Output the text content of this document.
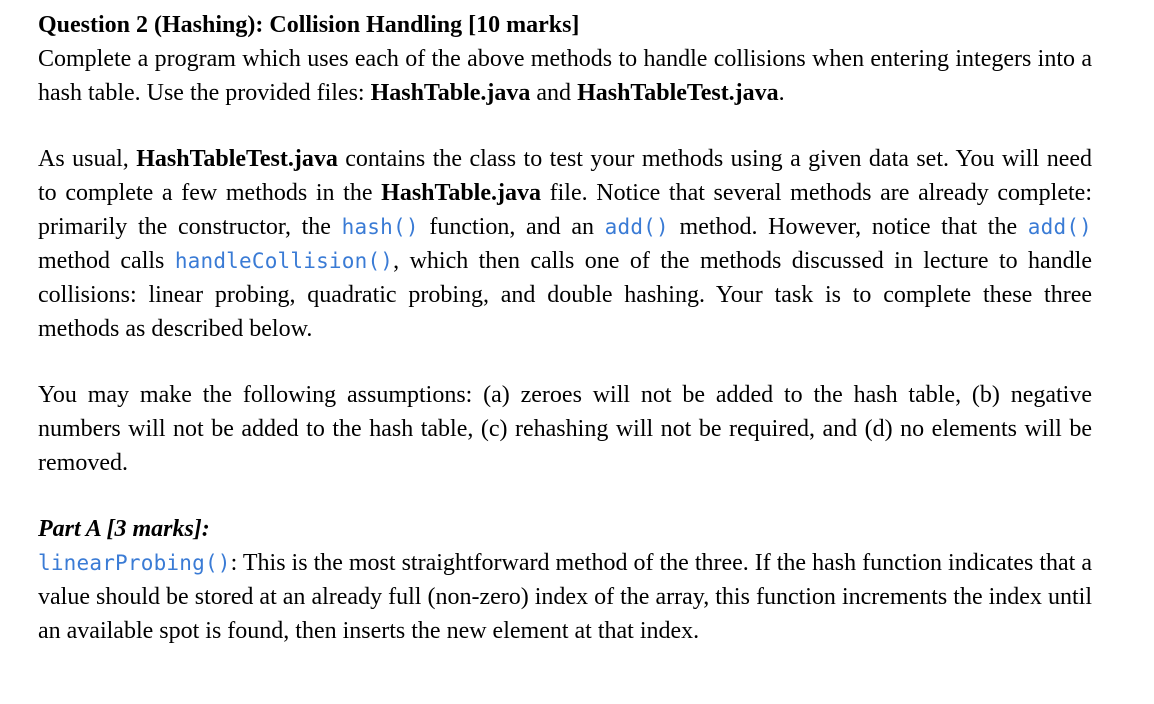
Question 2 (Hashing): Collision Handling [10 marks]

Complete a program which uses each of the above methods to handle collisions when entering integers into a hash table. Use the provided files: HashTable.java and HashTableTest.java.

As usual, HashTableTest.java contains the class to test your methods using a given data set. You will need to complete a few methods in the HashTable.java file. Notice that several methods are already complete: primarily the constructor, the hash() function, and an add() method. However, notice that the add() method calls handleCollision(), which then calls one of the methods discussed in lecture to handle collisions: linear probing, quadratic probing, and double hashing. Your task is to complete these three methods as described below.

You may make the following assumptions: (a) zeroes will not be added to the hash table, (b) negative numbers will not be added to the hash table, (c) rehashing will not be required, and (d) no elements will be removed.

Part A [3 marks]:

linearProbing(): This is the most straightforward method of the three. If the hash function indicates that a value should be stored at an already full (non-zero) index of the array, this function increments the index until an available spot is found, then inserts the new element at that index.
